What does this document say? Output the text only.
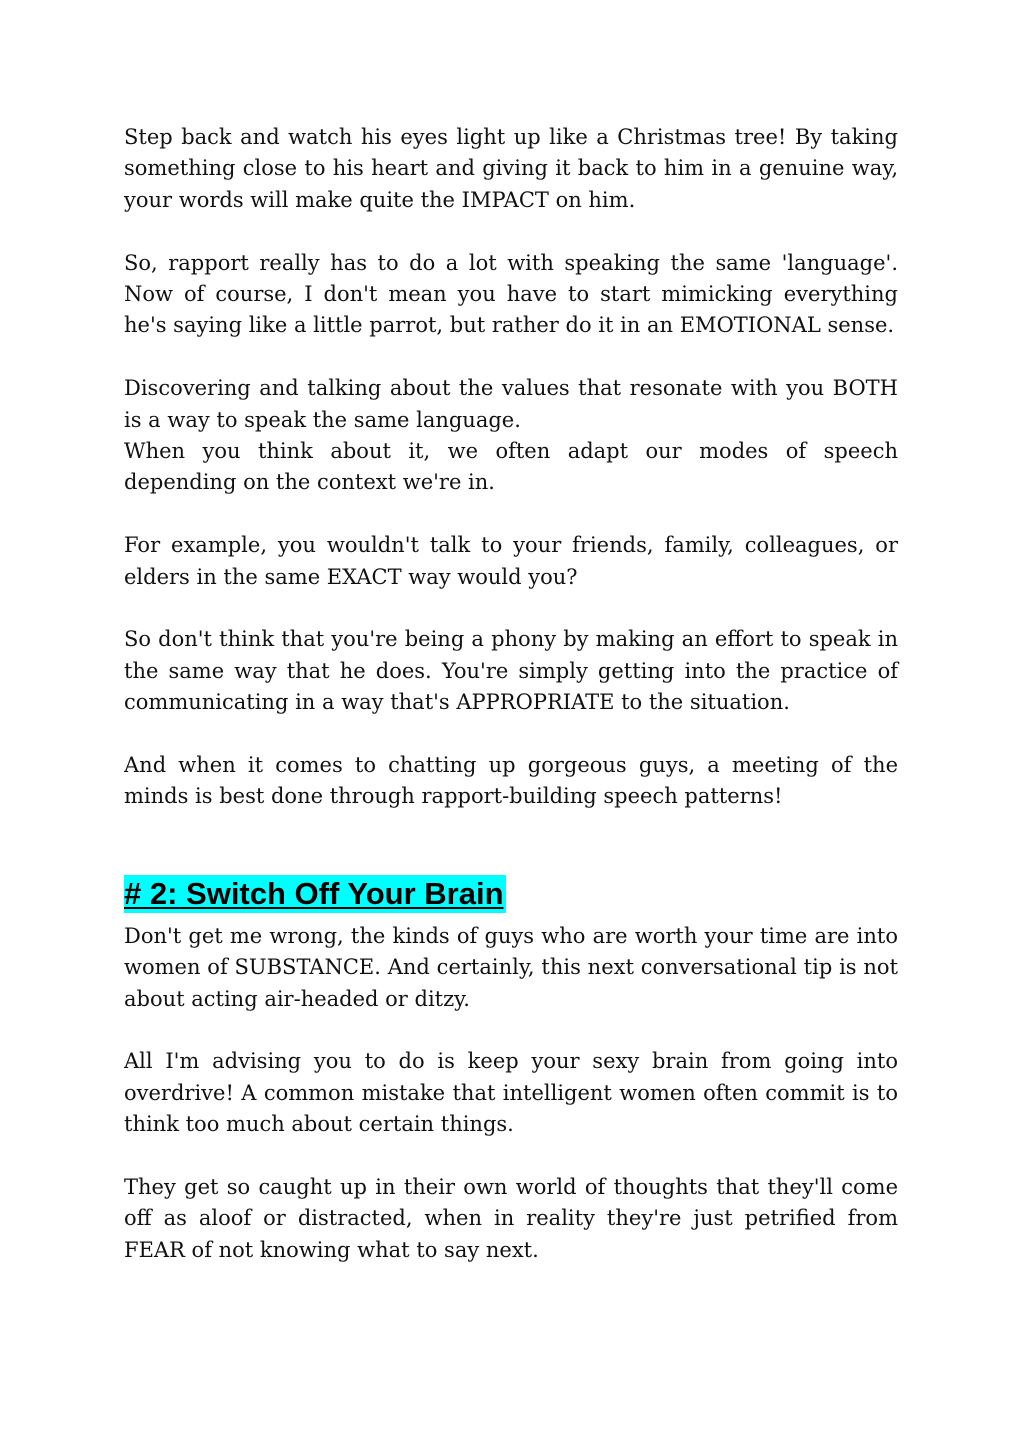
Step back and watch his eyes light up like a Christmas tree! By taking something close to his heart and giving it back to him in a genuine way, your words will make quite the IMPACT on him.

So, rapport really has to do a lot with speaking the same 'language'. Now of course, I don't mean you have to start mimicking everything he's saying like a little parrot, but rather do it in an EMOTIONAL sense.

Discovering and talking about the values that resonate with you BOTH is a way to speak the same language.

When you think about it, we often adapt our modes of speech depending on the context we're in.

For example, you wouldn't talk to your friends, family, colleagues, or elders in the same EXACT way would you?

So don't think that you're being a phony by making an effort to speak in the same way that he does. You're simply getting into the practice of communicating in a way that's APPROPRIATE to the situation.

And when it comes to chatting up gorgeous guys, a meeting of the minds is best done through rapport-building speech patterns!

# 2: Switch Off Your Brain

Don't get me wrong, the kinds of guys who are worth your time are into women of SUBSTANCE. And certainly, this next conversational tip is not about acting air-headed or ditzy.

All I'm advising you to do is keep your sexy brain from going into overdrive! A common mistake that intelligent women often commit is to think too much about certain things.

They get so caught up in their own world of thoughts that they'll come off as aloof or distracted, when in reality they're just petrified from FEAR of not knowing what to say next.
